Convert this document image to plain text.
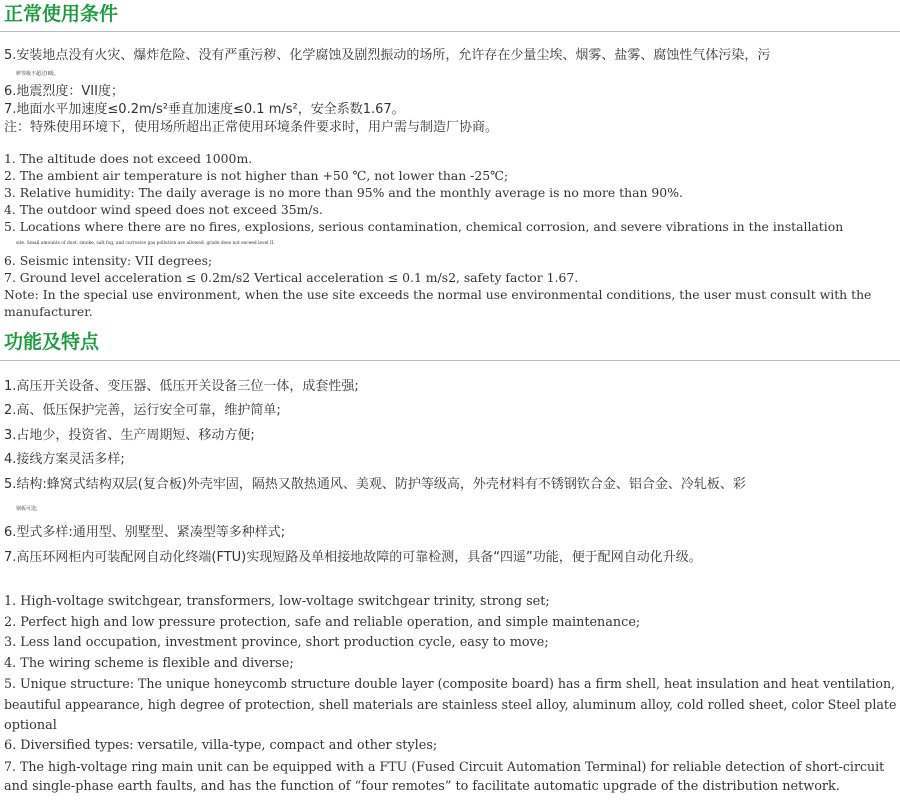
正常使用条件

5.安装地点没有火灾、爆炸危险、没有严重污秽、化学腐蚀及剧烈振动的场所，允许存在少量尘埃、烟雾、盐雾、腐蚀性气体污染，污

秽等级不超过II级。

6.地震烈度：VII度；

7.地面水平加速度≤0.2m/s²垂直加速度≤0.1 m/s²，安全系数1.67。

注：特殊使用环境下，使用场所超出正常使用环境条件要求时，用户需与制造厂协商。

1. The altitude does not exceed 1000m.

2. The ambient air temperature is not higher than +50 ℃, not lower than -25℃;

3. Relative humidity: The daily average is no more than 95% and the monthly average is no more than 90%.

4. The outdoor wind speed does not exceed 35m/s.

5. Locations where there are no fires, explosions, serious contamination, chemical corrosion, and severe vibrations in the installation

site. Small amounts of dust, smoke, salt fog, and corrosive gas pollution are allowed. grade does not exceed level II.

6. Seismic intensity: VII degrees;

7. Ground level acceleration ≤ 0.2m/s2 Vertical acceleration ≤ 0.1 m/s2, safety factor 1.67.

Note: In the special use environment, when the use site exceeds the normal use environmental conditions, the user must consult with the

manufacturer.

功能及特点

1.高压开关设备、变压器、低压开关设备三位一体，成套性强;

2.高、低压保护完善，运行安全可靠，维护简单;

3.占地少，投资省、生产周期短、移动方便;

4.接线方案灵活多样;

5.结构:蜂窝式结构双层(复合板)外壳牢固，隔热又散热通风、美观、防护等级高，外壳材料有不锈钢钦合金、铝合金、冷轧板、彩

钢板可选;

6.型式多样:通用型、别墅型、紧凑型等多种样式;

7.高压环网柜内可装配网自动化终端(FTU)实现短路及单相接地故障的可靠检测，具备“四遥”功能，便于配网自动化升级。

1. High-voltage switchgear, transformers, low-voltage switchgear trinity, strong set;

2. Perfect high and low pressure protection, safe and reliable operation, and simple maintenance;

3. Less land occupation, investment province, short production cycle, easy to move;

4. The wiring scheme is flexible and diverse;

5. Unique structure: The unique honeycomb structure double layer (composite board) has a firm shell, heat insulation and heat ventilation,

beautiful appearance, high degree of protection, shell materials are stainless steel alloy, aluminum alloy, cold rolled sheet, color Steel plate

optional

6. Diversified types: versatile, villa-type, compact and other styles;

7. The high-voltage ring main unit can be equipped with a FTU (Fused Circuit Automation Terminal) for reliable detection of short-circuit

and single-phase earth faults, and has the function of “four remotes” to facilitate automatic upgrade of the distribution network.
